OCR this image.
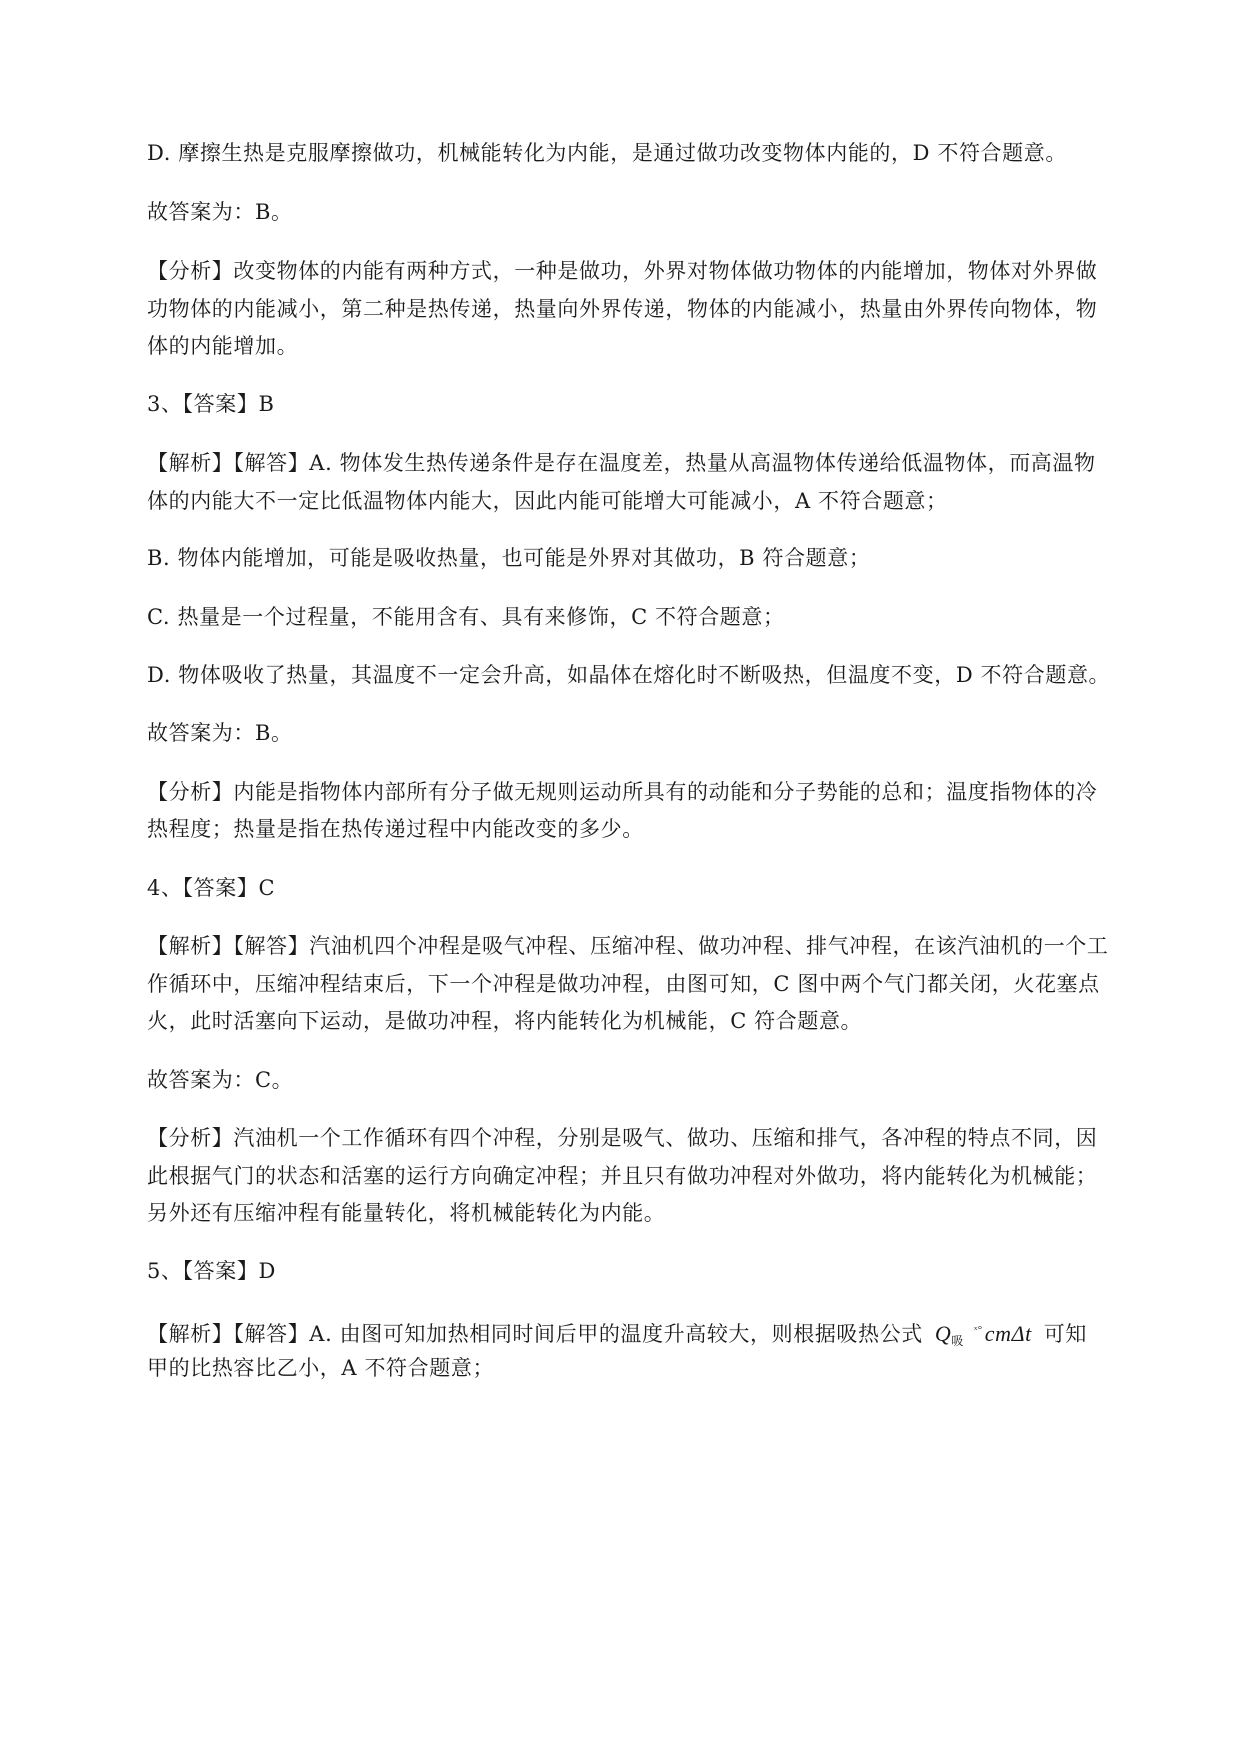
D. 摩擦生热是克服摩擦做功，机械能转化为内能，是通过做功改变物体内能的，D 不符合题意。
故答案为：B。
【分析】改变物体的内能有两种方式，一种是做功，外界对物体做功物体的内能增加，物体对外界做
功物体的内能减小，第二种是热传递，热量向外界传递，物体的内能减小，热量由外界传向物体，物
体的内能增加。
3、【答案】B
【解析】【解答】A. 物体发生热传递条件是存在温度差，热量从高温物体传递给低温物体，而高温物
体的内能大不一定比低温物体内能大，因此内能可能增大可能减小，A 不符合题意；
B. 物体内能增加，可能是吸收热量，也可能是外界对其做功，B 符合题意；
C. 热量是一个过程量，不能用含有、具有来修饰，C 不符合题意；
D. 物体吸收了热量，其温度不一定会升高，如晶体在熔化时不断吸热，但温度不变，D 不符合题意。
故答案为：B。
【分析】内能是指物体内部所有分子做无规则运动所具有的动能和分子势能的总和；温度指物体的冷
热程度；热量是指在热传递过程中内能改变的多少。
4、【答案】C
【解析】【解答】汽油机四个冲程是吸气冲程、压缩冲程、做功冲程、排气冲程，在该汽油机的一个工
作循环中，压缩冲程结束后，下一个冲程是做功冲程，由图可知，C 图中两个气门都关闭，火花塞点
火，此时活塞向下运动，是做功冲程，将内能转化为机械能，C 符合题意。
故答案为：C。
【分析】汽油机一个工作循环有四个冲程，分别是吸气、做功、压缩和排气，各冲程的特点不同，因
此根据气门的状态和活塞的运行方向确定冲程；并且只有做功冲程对外做功，将内能转化为机械能；
另外还有压缩冲程有能量转化，将机械能转化为内能。
5、【答案】D
【解析】【解答】A. 由图可知加热相同时间后甲的温度升高较大，则根据吸热公式 $Q_吸^{ˣ^\circ}cm\Delta t$ 可知
甲的比热容比乙小，A 不符合题意；
